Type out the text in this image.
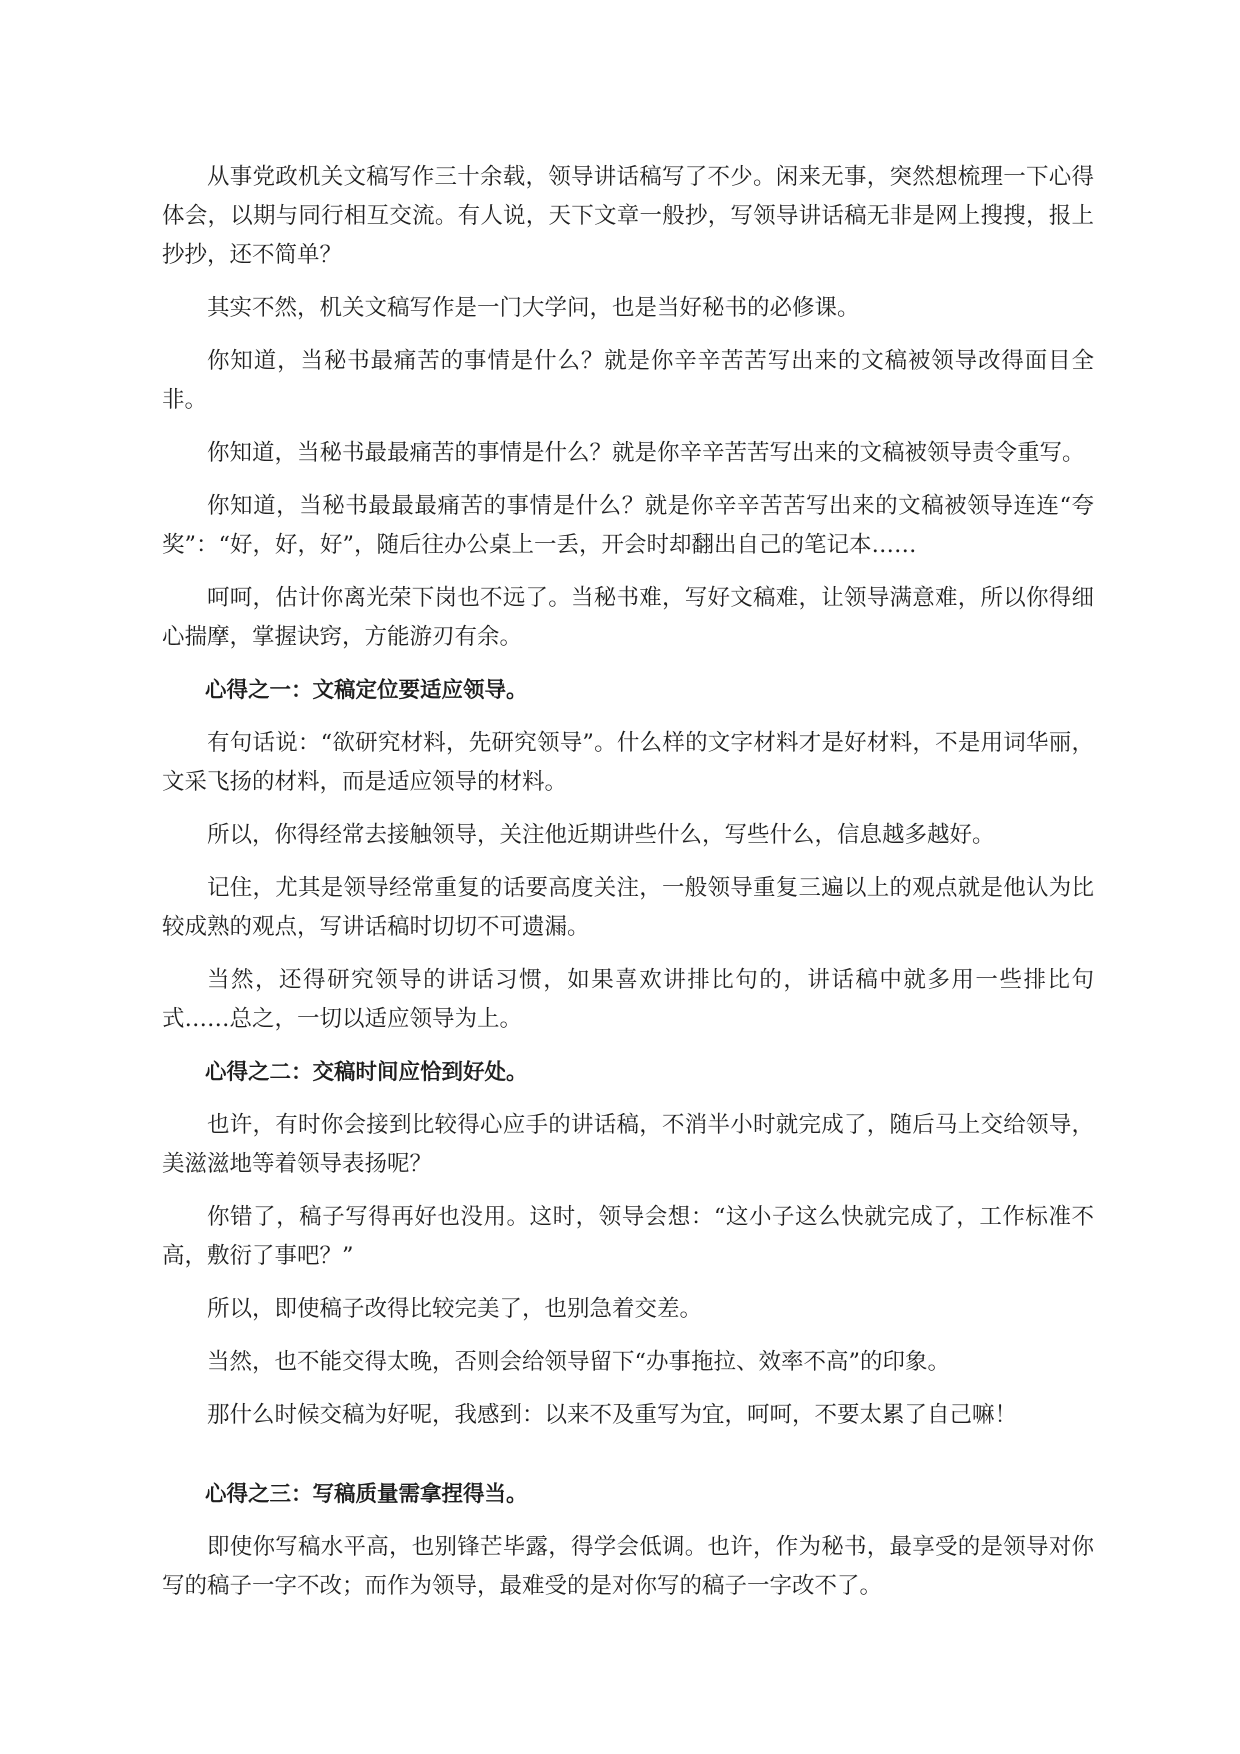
从事党政机关文稿写作三十余载，领导讲话稿写了不少。闲来无事，突然想梳理一下心得体会，以期与同行相互交流。有人说，天下文章一般抄，写领导讲话稿无非是网上搜搜，报上抄抄，还不简单？

其实不然，机关文稿写作是一门大学问，也是当好秘书的必修课。

你知道，当秘书最痛苦的事情是什么？就是你辛辛苦苦写出来的文稿被领导改得面目全非。

你知道，当秘书最最痛苦的事情是什么？就是你辛辛苦苦写出来的文稿被领导责令重写。

你知道，当秘书最最最痛苦的事情是什么？就是你辛辛苦苦写出来的文稿被领导连连“夸奖”：“好，好，好”，随后往办公桌上一丢，开会时却翻出自己的笔记本……

呵呵，估计你离光荣下岗也不远了。当秘书难，写好文稿难，让领导满意难，所以你得细心揣摩，掌握诀窍，方能游刃有余。

心得之一：文稿定位要适应领导。

有句话说：“欲研究材料，先研究领导”。什么样的文字材料才是好材料，不是用词华丽，文采飞扬的材料，而是适应领导的材料。

所以，你得经常去接触领导，关注他近期讲些什么，写些什么，信息越多越好。

记住，尤其是领导经常重复的话要高度关注，一般领导重复三遍以上的观点就是他认为比较成熟的观点，写讲话稿时切切不可遗漏。

当然，还得研究领导的讲话习惯，如果喜欢讲排比句的，讲话稿中就多用一些排比句式……总之，一切以适应领导为上。

心得之二：交稿时间应恰到好处。

也许，有时你会接到比较得心应手的讲话稿，不消半小时就完成了，随后马上交给领导，美滋滋地等着领导表扬呢？

你错了，稿子写得再好也没用。这时，领导会想：“这小子这么快就完成了，工作标准不高，敷衍了事吧？”

所以，即使稿子改得比较完美了，也别急着交差。

当然，也不能交得太晚，否则会给领导留下“办事拖拉、效率不高”的印象。

那什么时候交稿为好呢，我感到：以来不及重写为宜，呵呵，不要太累了自己嘛！

心得之三：写稿质量需拿捏得当。

即使你写稿水平高，也别锋芒毕露，得学会低调。也许，作为秘书，最享受的是领导对你写的稿子一字不改；而作为领导，最难受的是对你写的稿子一字改不了。
